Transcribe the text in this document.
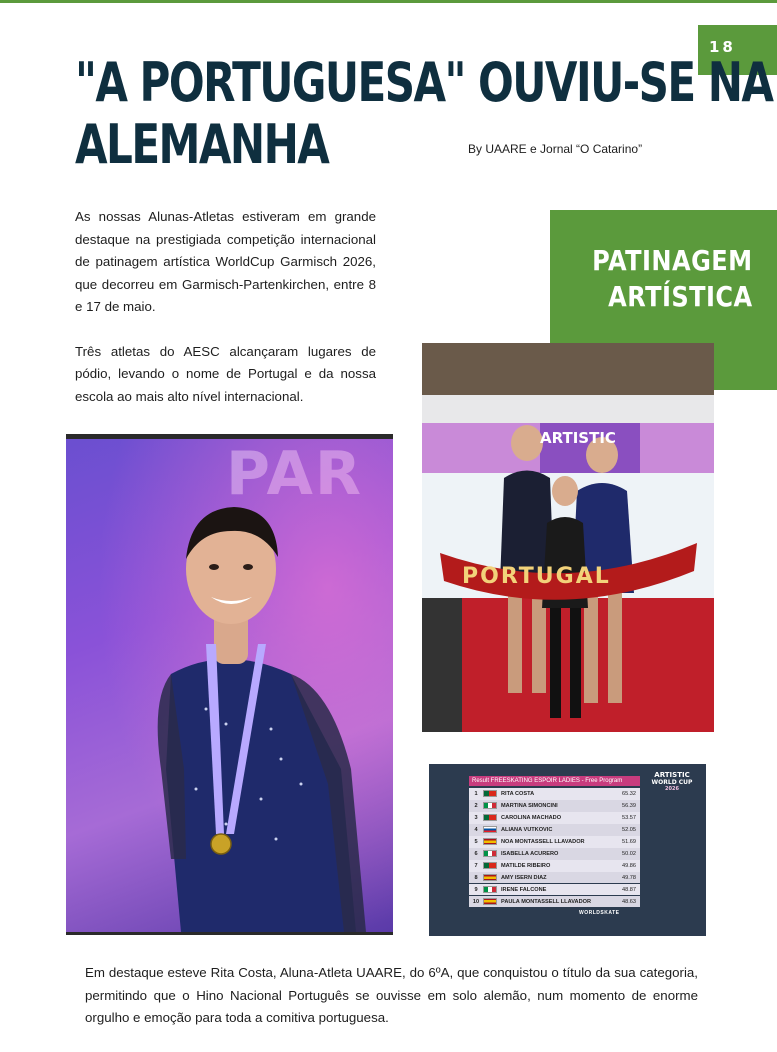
18
"A PORTUGUESA" OUVIU-SE NA
ALEMANHA	By UAARE e Jornal “O Catarino”

As nossas Alunas-Atletas estiveram em grande destaque na prestigiada competição internacional de patinagem artística WorldCup Garmisch 2026, que decorreu em Garmisch-Partenkirchen, entre 8 e 17 de maio.

Três atletas do AESC alcançaram lugares de pódio, levando o nome de Portugal e da nossa escola ao mais alto nível internacional.

PATINAGEM
ARTÍSTICA
PORTUGAL
ARTISTIC
Result FREESKATING ESPOIR LADIES - Free Program
ARTISTIC
WORLD CUP
2026
1	RITA COSTA	65.32
2	MARTINA SIMONCINI	56.39
3	CAROLINA MACHADO	53.57
4	ALIANA VUTKOVIĆ	52.05
5	NOA MONTASSELL LLAVADOR	51.69
6	ISABELLA ACURERO	50.02
7	MATILDE RIBEIRO	49.86
8	AMY ISERN DÍAZ	49.78
9	IRENE FALCONE	48.87
10	PAULA MONTASSELL LLAVADOR	48.63
WORLDSKATE
Em destaque esteve Rita Costa, Aluna-Atleta UAARE, do 6ºA, que conquistou o título da sua categoria, permitindo que o Hino Nacional Português se ouvisse em solo alemão, num momento de enorme orgulho e emoção para toda a comitiva portuguesa.
